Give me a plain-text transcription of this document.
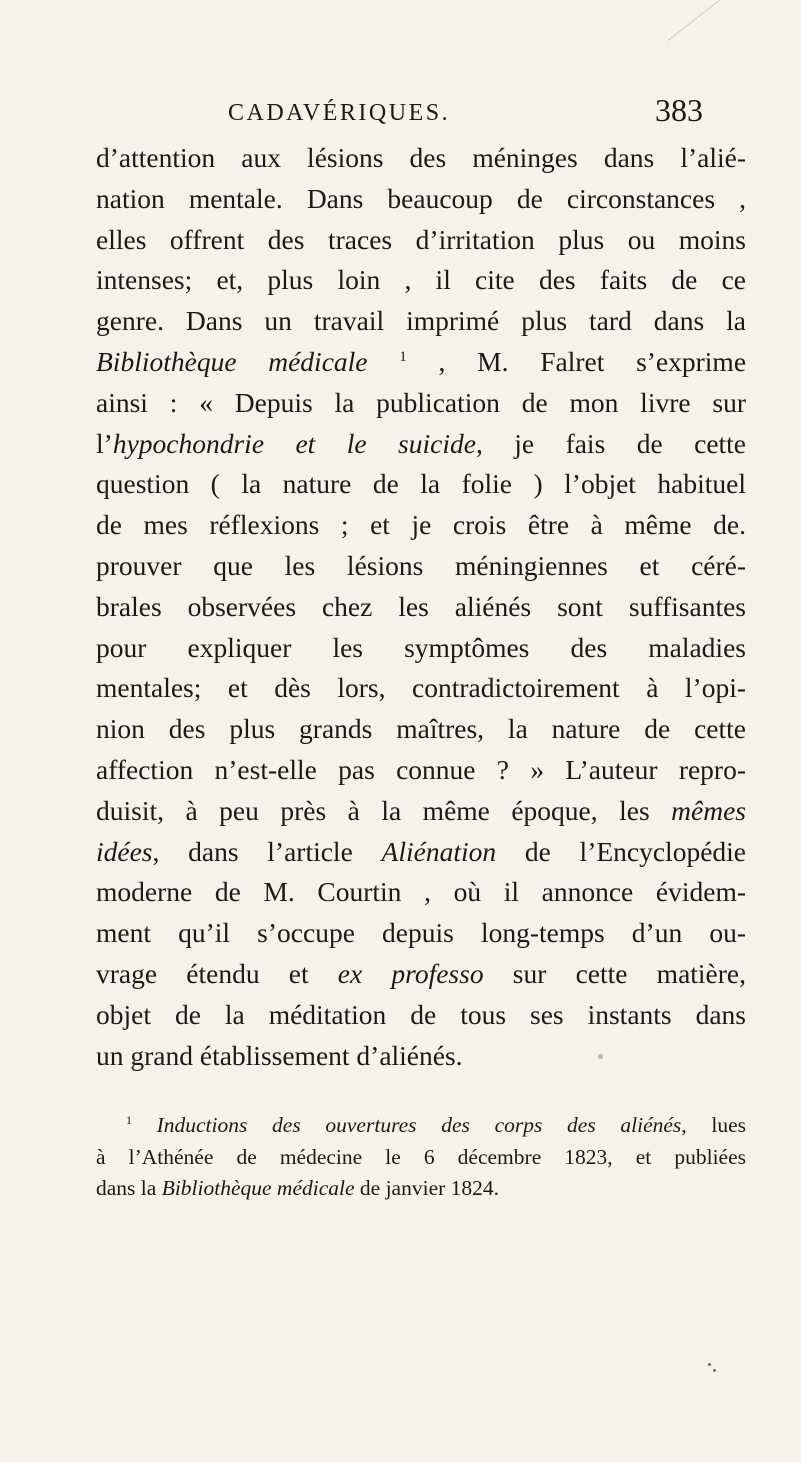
CADAVÉRIQUES.	383
d’attention aux lésions des méninges dans l’alié-
nation mentale. Dans beaucoup de circonstances ,
elles offrent des traces d’irritation plus ou moins
intenses; et, plus loin , il cite des faits de ce
genre. Dans un travail imprimé plus tard dans la
Bibliothèque médicale $^1$ , M. Falret s’exprime
ainsi : « Depuis la publication de mon livre sur
l’hypochondrie et le suicide, je fais de cette
question ( la nature de la folie ) l’objet habituel
de mes réflexions ; et je crois être à même de.
prouver que les lésions méningiennes et céré-
brales observées chez les aliénés sont suffisantes
pour expliquer les symptômes des maladies
mentales; et dès lors, contradictoirement à l’opi-
nion des plus grands maîtres, la nature de cette
affection n’est-elle pas connue ? » L’auteur repro-
duisit, à peu près à la même époque, les mêmes
idées, dans l’article Aliénation de l’Encyclopédie
moderne de M. Courtin , où il annonce évidem-
ment qu’il s’occupe depuis long-temps d’un ou-
vrage étendu et ex professo sur cette matière,
objet de la méditation de tous ses instants dans
un grand établissement d’aliénés.
$^1$ Inductions des ouvertures des corps des aliénés, lues
à l’Athénée de médecine le 6 décembre 1823, et publiées
dans la Bibliothèque médicale de janvier 1824.
